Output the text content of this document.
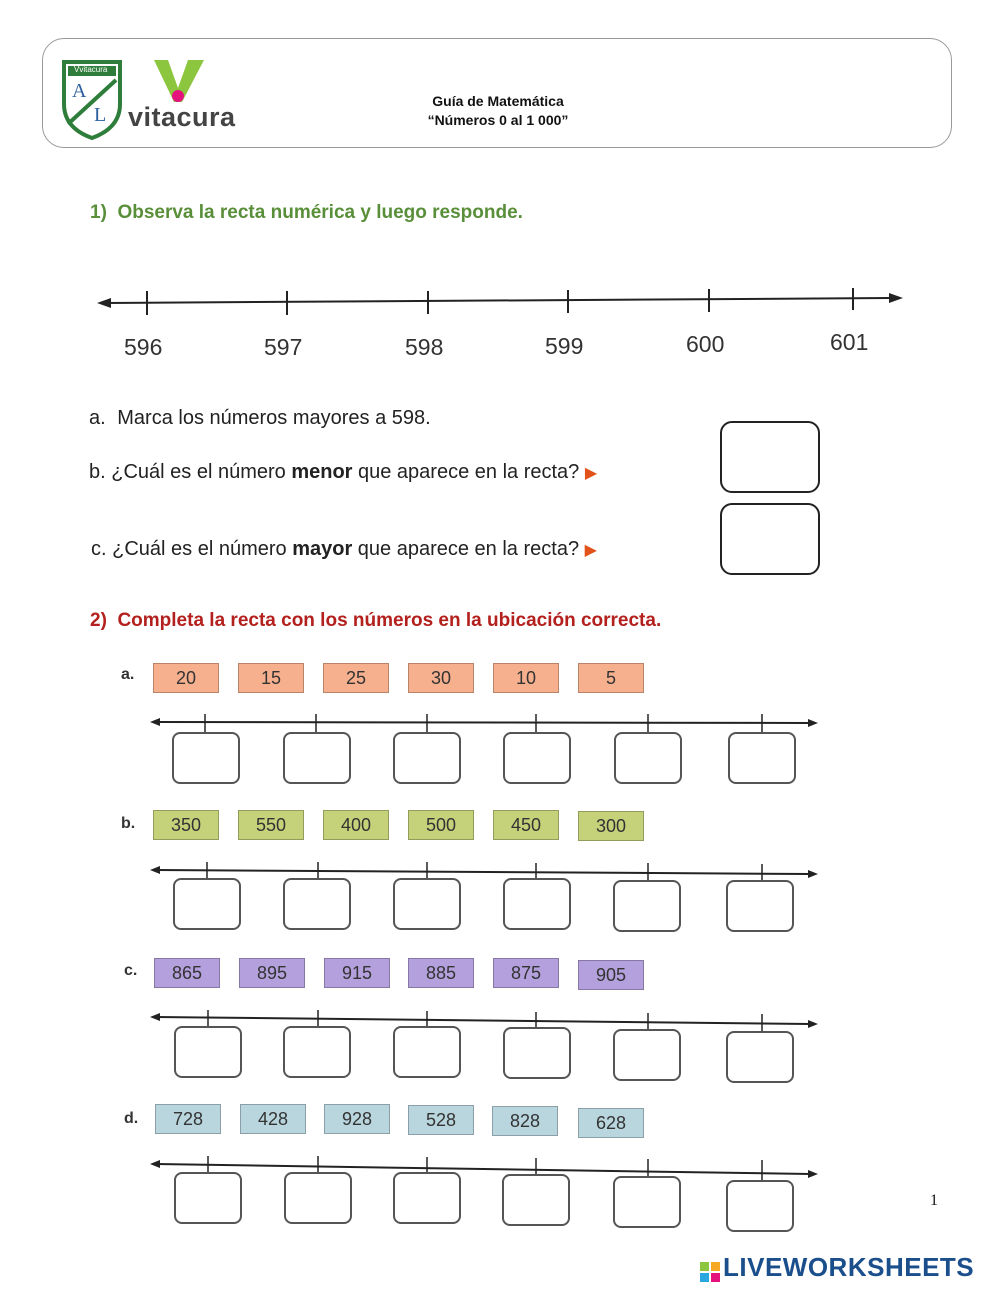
Vvitacura
A
L vitacura
Guía de Matemática
“Números 0 al 1 000”
1)  Observa la recta numérica y luego responde.
596	597	598	599	600	601
a. Marca los números mayores a 598.
b. ¿Cuál es el número menor que aparece en la recta? ▶
c. ¿Cuál es el número mayor que aparece en la recta? ▶
2)  Completa la recta con los números en la ubicación correcta.
a.	20	15	25	30	10	5
b.	350	550	400	500	450	300
c.	865	895	915	885	875	905
d.	728	428	928	528	828	628
1
LIVEWORKSHEETS
